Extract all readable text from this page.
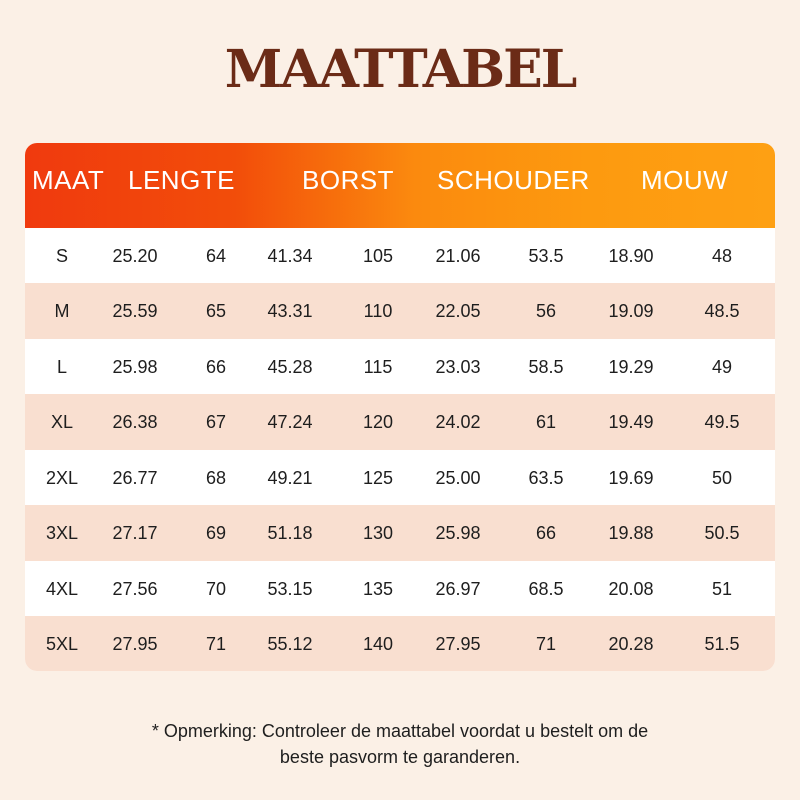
MAATTABEL
MAAT LENGTE	BORST SCHOUDER MOUW
S	25.20	64	41.34	105	21.06	53.5	18.90	48
M	25.59	65	43.31	110	22.05	56	19.09	48.5
L	25.98	66	45.28	115	23.03	58.5	19.29	49
XL	26.38	67	47.24	120	24.02	61	19.49	49.5
2XL	26.77	68	49.21	125	25.00	63.5	19.69	50
3XL	27.17	69	51.18	130	25.98	66	19.88	50.5
4XL	27.56	70	53.15	135	26.97	68.5	20.08	51
5XL	27.95	71	55.12	140	27.95	71	20.28	51.5
* Opmerking: Controleer de maattabel voordat u bestelt om de
beste pasvorm te garanderen.
